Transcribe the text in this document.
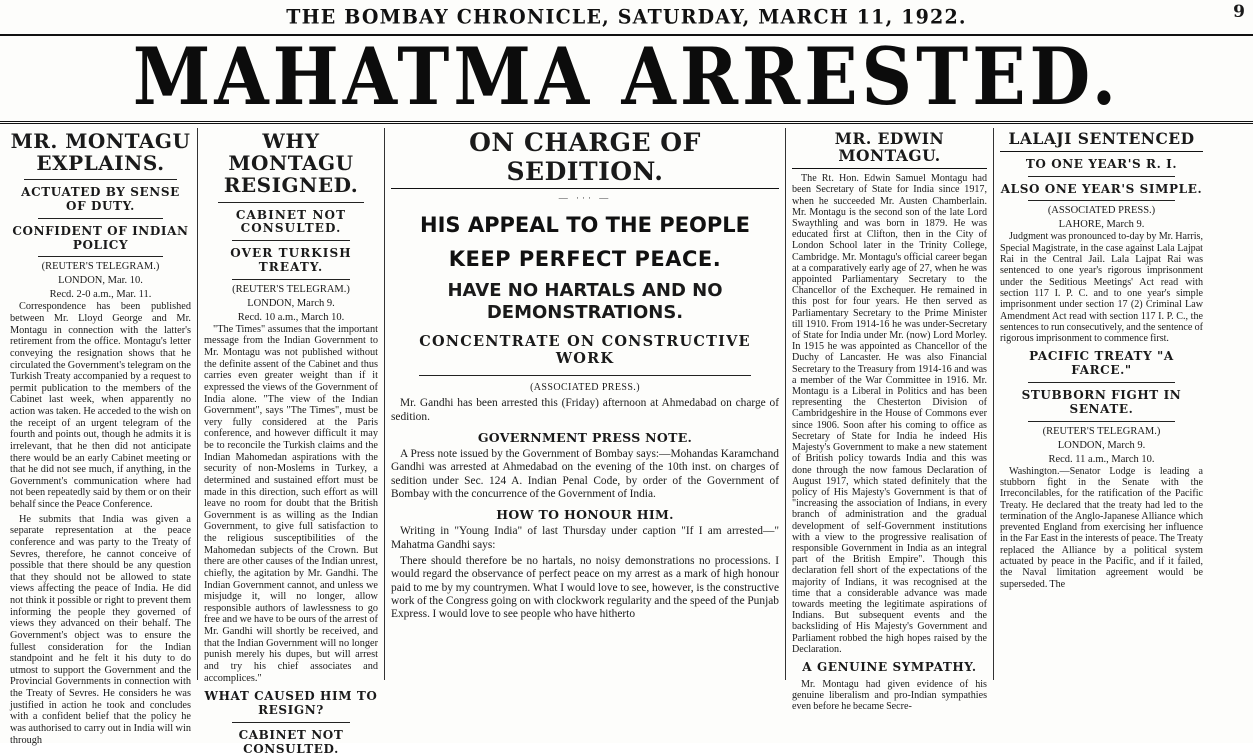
THE BOMBAY CHRONICLE, SATURDAY, MARCH 11, 1922.	9
MAHATMA ARRESTED.
MR. MONTAGU EXPLAINS.
ACTUATED BY SENSE OF DUTY.
CONFIDENT OF INDIAN POLICY
(REUTER'S TELEGRAM.)
LONDON, Mar. 10.
Recd. 2-0 a.m., Mar. 11.

Correspondence has been published between Mr. Lloyd George and Mr. Montagu in connection with the latter's retirement from the office. Montagu's letter conveying the resignation shows that he circulated the Government's telegram on the Turkish Treaty accompanied by a request to permit publication to the members of the Cabinet last week, when apparently no action was taken. He acceded to the wish on the receipt of an urgent telegram of the fourth and points out, though he admits it is irrelevant, that he then did not anticipate there would be an early Cabinet meeting or that he did not see much, if anything, in the Government's communication where had not been repeatedly said by them or on their behalf since the Peace Conference.

He submits that India was given a separate representation at the peace conference and was party to the Treaty of Sevres, therefore, he cannot conceive of possible that there should be any question that they should not be allowed to state views affecting the peace of India. He did not think it possible or right to prevent them informing the people they governed of views they advanced on their behalf. The Government's object was to ensure the fullest consideration for the Indian standpoint and he felt it his duty to do utmost to support the Government and the Provincial Governments in connection with the Treaty of Sevres. He considers he was justified in action he took and concludes with a confident belief that the policy he was authorised to carry out in India will win through

WHY MONTAGU RESIGNED.
CABINET NOT CONSULTED.
OVER TURKISH TREATY.
(REUTER'S TELEGRAM.)
LONDON, March 9.
Recd. 10 a.m., March 10.

"The Times" assumes that the important message from the Indian Government to Mr. Montagu was not published without the definite assent of the Cabinet and thus carries even greater weight than if it expressed the views of the Government of India alone. "The view of the Indian Government", says "The Times", must be very fully considered at the Paris conference, and however difficult it may be to reconcile the Turkish claims and the Indian Mahomedan aspirations with the security of non-Moslems in Turkey, a determined and sustained effort must be made in this direction, such effort as will leave no room for doubt that the British Government is as willing as the Indian Government, to give full satisfaction to the religious susceptibilities of the Mahomedan subjects of the Crown. But there are other causes of the Indian unrest, chiefly, the agitation by Mr. Gandhi. The Indian Government cannot, and unless we misjudge it, will no longer, allow responsible authors of lawlessness to go free and we have to be ours of the arrest of Mr. Gandhi will shortly be received, and that the Indian Government will no longer punish merely his dupes, but will arrest and try his chief associates and accomplices."

WHAT CAUSED HIM TO RESIGN?
CABINET NOT CONSULTED.
ON CHARGE OF SEDITION.
— ··· —
HIS APPEAL TO THE PEOPLE
KEEP PERFECT PEACE.
HAVE NO HARTALS AND NO DEMONSTRATIONS.
CONCENTRATE ON CONSTRUCTIVE WORK
(ASSOCIATED PRESS.)

Mr. Gandhi has been arrested this (Friday) afternoon at Ahmedabad on charge of sedition.

GOVERNMENT PRESS NOTE.

A Press note issued by the Government of Bombay says:—Mohandas Karamchand Gandhi was arrested at Ahmedabad on the evening of the 10th inst. on charges of sedition under Sec. 124 A. Indian Penal Code, by order of the Government of Bombay with the concurrence of the Government of India.

HOW TO HONOUR HIM.

Writing in "Young India" of last Thursday under caption "If I am arrested—" Mahatma Gandhi says:

There should therefore be no hartals, no noisy demonstrations no processions. I would regard the observance of perfect peace on my arrest as a mark of high honour paid to me by my countrymen. What I would love to see, however, is the constructive work of the Congress going on with clockwork regularity and the speed of the Punjab Express. I would love to see people who have hitherto

MR. EDWIN MONTAGU.

The Rt. Hon. Edwin Samuel Montagu had been Secretary of State for India since 1917, when he succeeded Mr. Austen Chamberlain. Mr. Montagu is the second son of the late Lord Swaythling and was born in 1879. He was educated first at Clifton, then in the City of London School later in the Trinity College, Cambridge. Mr. Montagu's official career began at a comparatively early age of 27, when he was appointed Parliamentary Secretary to the Chancellor of the Exchequer. He remained in this post for four years. He then served as Parliamentary Secretary to the Prime Minister till 1910. From 1914-16 he was under-Secretary of State for India under Mr. (now) Lord Morley. In 1915 he was appointed as Chancellor of the Duchy of Lancaster. He was also Financial Secretary to the Treasury from 1914-16 and was a member of the War Committee in 1916. Mr. Montagu is a Liberal in Politics and has been representing the Chesterton Division of Cambridgeshire in the House of Commons ever since 1906. Soon after his coming to office as Secretary of State for India he indeed His Majesty's Government to make a new statement of British policy towards India and this was done through the now famous Declaration of August 1917, which stated definitely that the policy of His Majesty's Government is that of "increasing the association of Indians, in every branch of administration and the gradual development of self-Government institutions with a view to the progressive realisation of responsible Government in India as an integral part of the British Empire". Though this declaration fell short of the expectations of the majority of Indians, it was recognised at the time that a considerable advance was made towards meeting the legitimate aspirations of Indians. But subsequent events and the backsliding of His Majesty's Government and Parliament robbed the high hopes raised by the Declaration.

A GENUINE SYMPATHY.

Mr. Montagu had given evidence of his genuine liberalism and pro-Indian sympathies even before he became Secre-

LALAJI SENTENCED
TO ONE YEAR'S R. I.
ALSO ONE YEAR'S SIMPLE.
(ASSOCIATED PRESS.)
LAHORE, March 9.

Judgment was pronounced to-day by Mr. Harris, Special Magistrate, in the case against Lala Lajpat Rai in the Central Jail. Lala Lajpat Rai was sentenced to one year's rigorous imprisonment under the Seditious Meetings' Act read with section 117 I. P. C. and to one year's simple imprisonment under section 17 (2) Criminal Law Amendment Act read with section 117 I. P. C., the sentences to run consecutively, and the sentence of rigorous imprisonment to commence first.

PACIFIC TREATY "A FARCE."
STUBBORN FIGHT IN SENATE.
(REUTER'S TELEGRAM.)
LONDON, March 9.
Recd. 11 a.m., March 10.

Washington.—Senator Lodge is leading a stubborn fight in the Senate with the Irreconcilables, for the ratification of the Pacific Treaty. He declared that the treaty had led to the termination of the Anglo-Japanese Alliance which prevented England from exercising her influence in the Far East in the interests of peace. The Treaty replaced the Alliance by a political system actuated by peace in the Pacific, and if it failed, the Naval limitation agreement would be superseded. The
